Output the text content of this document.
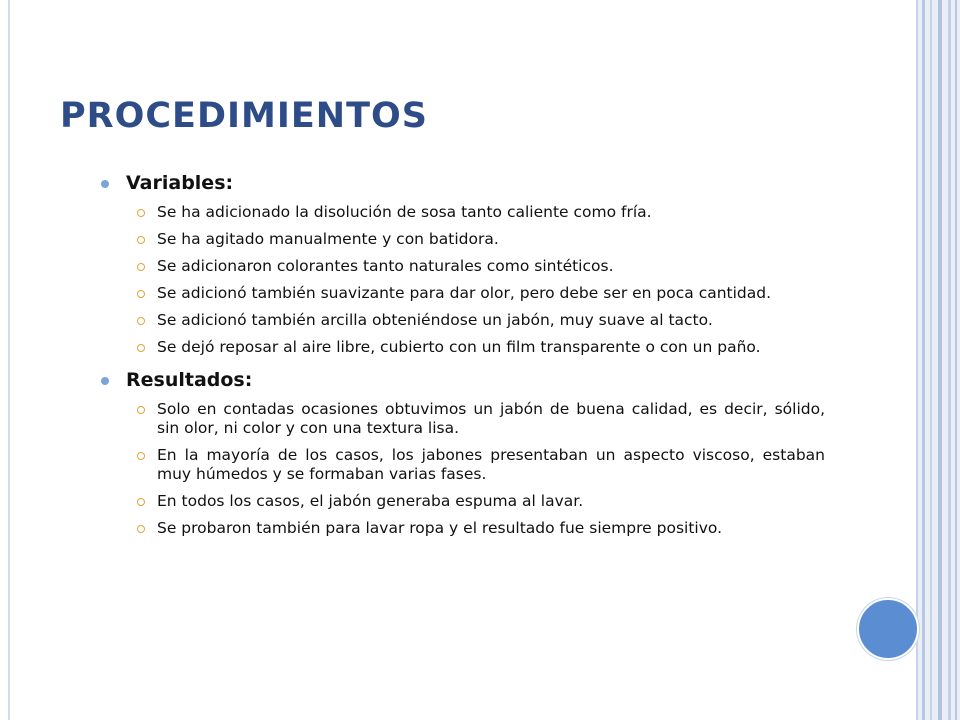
PROCEDIMIENTOS
Variables:
Se ha adicionado la disolución de sosa tanto caliente como fría.
Se ha agitado manualmente y con batidora.
Se adicionaron colorantes tanto naturales como sintéticos.
Se adicionó también suavizante para dar olor, pero debe ser en poca cantidad.
Se adicionó también arcilla obteniéndose un jabón, muy suave al tacto.
Se dejó reposar al aire libre, cubierto con un film transparente o con un paño.
Resultados:
Solo en contadas ocasiones obtuvimos un jabón de buena calidad, es decir, sólido, sin olor, ni color y con una textura lisa.
En la mayoría de los casos, los jabones presentaban un aspecto viscoso, estaban muy húmedos y se formaban varias fases.
En todos los casos, el jabón generaba espuma al lavar.
Se probaron también para lavar ropa y el resultado fue siempre positivo.
